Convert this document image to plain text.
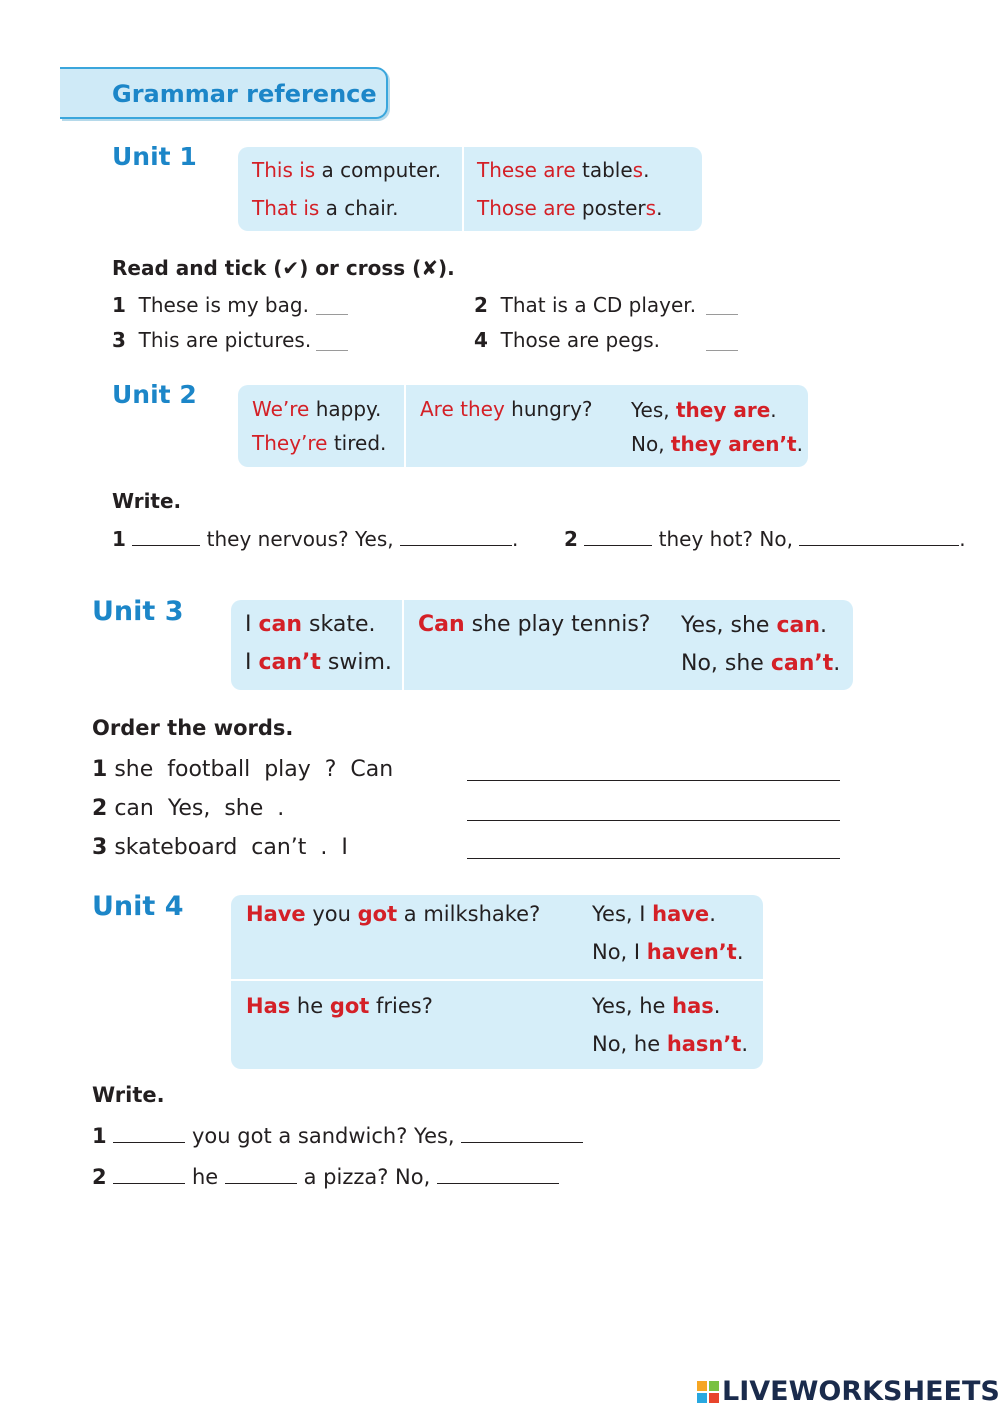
Grammar reference
Unit 1	This is a computer.
That is a chair.
These are tables.
Those are posters.
Read and tick (✔) or cross (✘).
1 These is my bag.	2 That is a CD player.
3 This are pictures.	4 Those are pegs.
Unit 2	We’re happy.
They’re tired.
Are they hungry? Yes, they are.
No, they aren’t.
Write.
1	they nervous? Yes,	. 2	they hot? No,	.
Unit 3	I can skate.
I can’t swim.
Can she play tennis? Yes, she can.
No, she can’t.
Order the words.
1 she  football  play  ?  Can
2 can  Yes,  she  .
3 skateboard  can’t  .  I
Unit 4	Have you got a milkshake? Yes, I have.
No, I haven’t.
Has he got fries?	Yes, he has.
No, he hasn’t.
Write.
1	you got a sandwich? Yes,
2	he	a pizza? No,
LIVEWORKSHEETS
